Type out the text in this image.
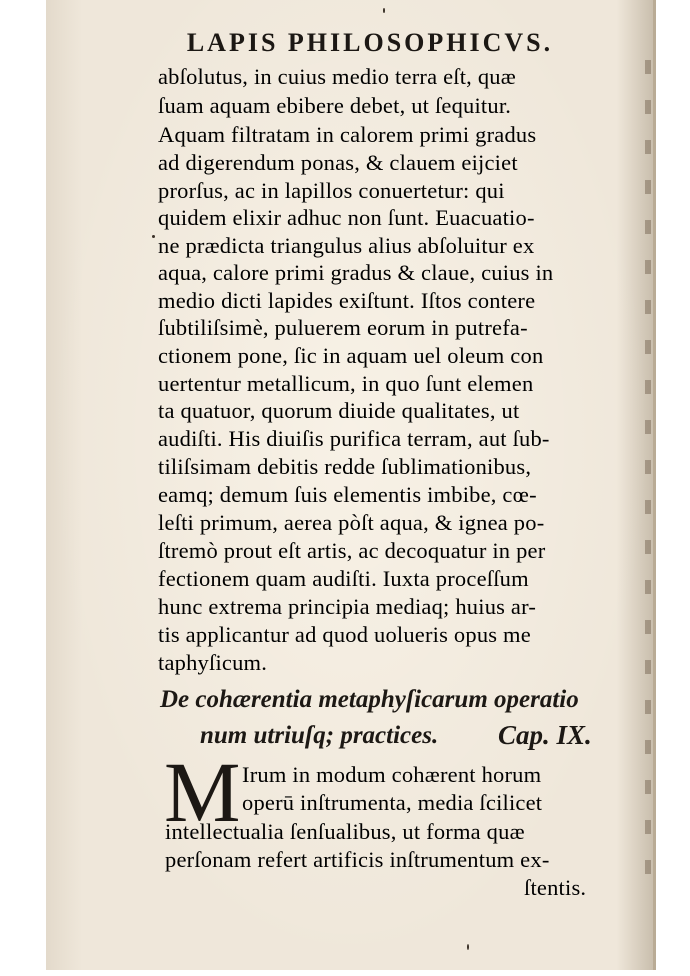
LAPIS PHILOSOPHICVS.
abſolutus, in cuius medio terra eſt, quæ
ſuam aquam ebibere debet, ut ſequitur.
Aquam filtratam in calorem primi gradus
ad digerendum ponas, & clauem eijciet
prorſus, ac in lapillos conuertetur: qui
quidem elixir adhuc non ſunt. Euacuatio-
ne prædicta triangulus alius abſoluitur ex
aqua, calore primi gradus & claue, cuius in
medio dicti lapides exiſtunt. Iſtos contere
ſubtiliſsimè, puluerem eorum in putrefa-
ctionem pone, ſic in aquam uel oleum con
uertentur metallicum, in quo ſunt elemen
ta quatuor, quorum diuide qualitates, ut
audiſti. His diuiſis purifica terram, aut ſub-
tiliſsimam debitis redde ſublimationibus,
eamq; demum ſuis elementis imbibe, cœ-
leſti primum, aerea pòſt aqua, & ignea po-
ſtremò prout eſt artis, ac decoquatur in per
fectionem quam audiſti. Iuxta proceſſum
hunc extrema principia mediaq; huius ar-
tis applicantur ad quod uolueris opus me
taphyſicum.
De cohærentia metaphyſicarum operatio
num utriuſq; practices. Cap. IX.
M Irum in modum cohærent horum
operū inſtrumenta, media ſcilicet
intellectualia ſenſualibus, ut forma quæ
perſonam refert artificis inſtrumentum ex-
ſtentis.
